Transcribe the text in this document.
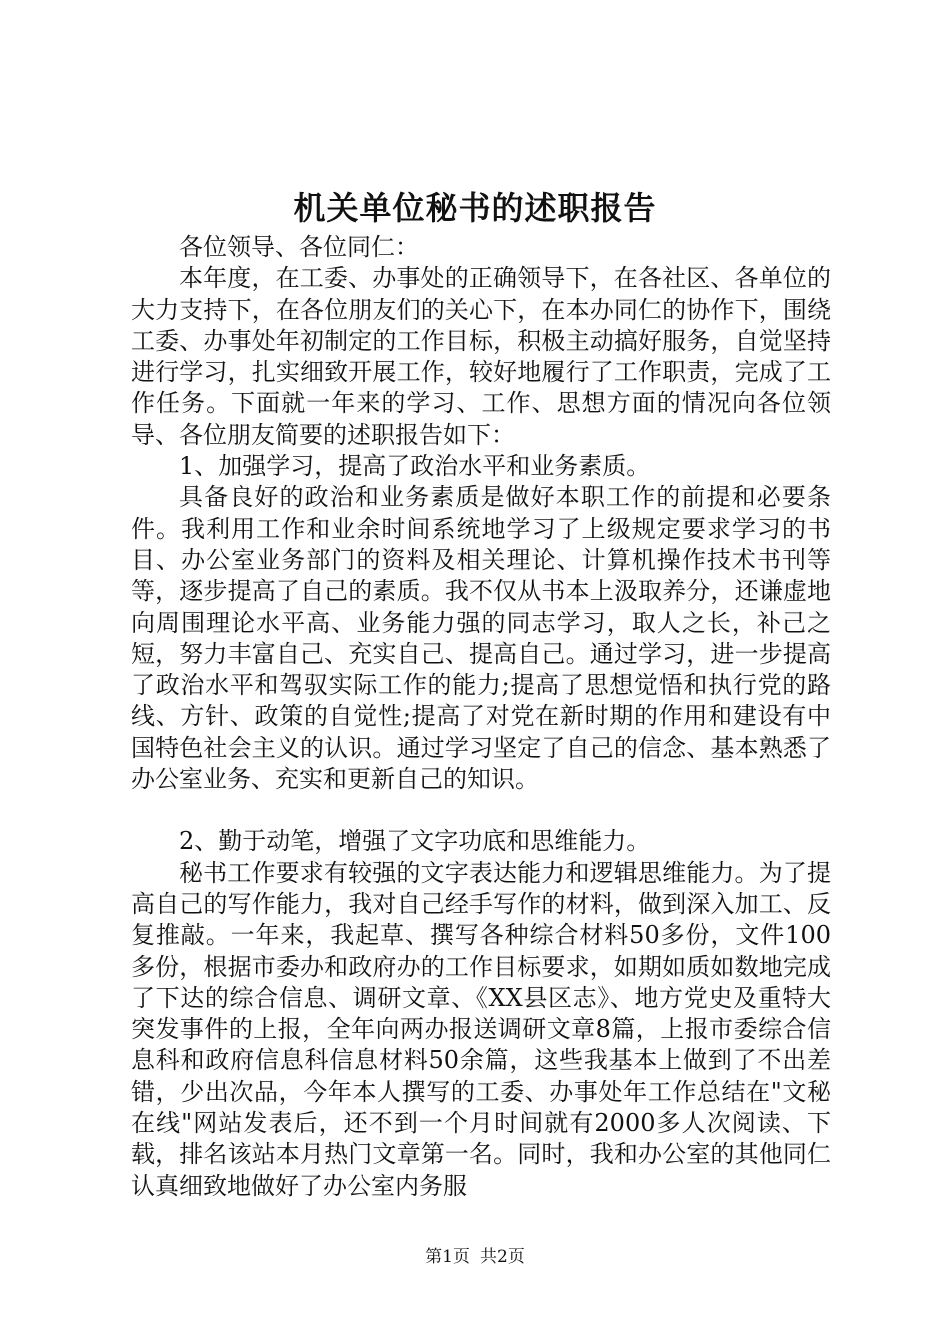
机关单位秘书的述职报告

各位领导、各位同仁：

本年度，在工委、办事处的正确领导下，在各社区、各单位的大力支持下，在各位朋友们的关心下，在本办同仁的协作下，围绕工委、办事处年初制定的工作目标，积极主动搞好服务，自觉坚持进行学习，扎实细致开展工作，较好地履行了工作职责，完成了工作任务。下面就一年来的学习、工作、思想方面的情况向各位领导、各位朋友简要的述职报告如下：

1、加强学习，提高了政治水平和业务素质。

具备良好的政治和业务素质是做好本职工作的前提和必要条件。我利用工作和业余时间系统地学习了上级规定要求学习的书目、办公室业务部门的资料及相关理论、计算机操作技术书刊等等，逐步提高了自己的素质。我不仅从书本上汲取养分，还谦虚地向周围理论水平高、业务能力强的同志学习，取人之长，补己之短，努力丰富自己、充实自己、提高自己。通过学习，进一步提高了政治水平和驾驭实际工作的能力;提高了思想觉悟和执行党的路线、方针、政策的自觉性;提高了对党在新时期的作用和建设有中国特色社会主义的认识。通过学习坚定了自己的信念、基本熟悉了办公室业务、充实和更新自己的知识。

2、勤于动笔，增强了文字功底和思维能力。

秘书工作要求有较强的文字表达能力和逻辑思维能力。为了提高自己的写作能力，我对自己经手写作的材料，做到深入加工、反复推敲。一年来，我起草、撰写各种综合材料50多份，文件100多份，根据市委办和政府办的工作目标要求，如期如质如数地完成了下达的综合信息、调研文章、《XX县区志》、地方党史及重特大突发事件的上报，全年向两办报送调研文章8篇，上报市委综合信息科和政府信息科信息材料50余篇，这些我基本上做到了不出差错，少出次品，今年本人撰写的工委、办事处年工作总结在"文秘在线"网站发表后，还不到一个月时间就有2000多人次阅读、下载，排名该站本月热门文章第一名。同时，我和办公室的其他同仁认真细致地做好了办公室内务服

第1页 共2页
